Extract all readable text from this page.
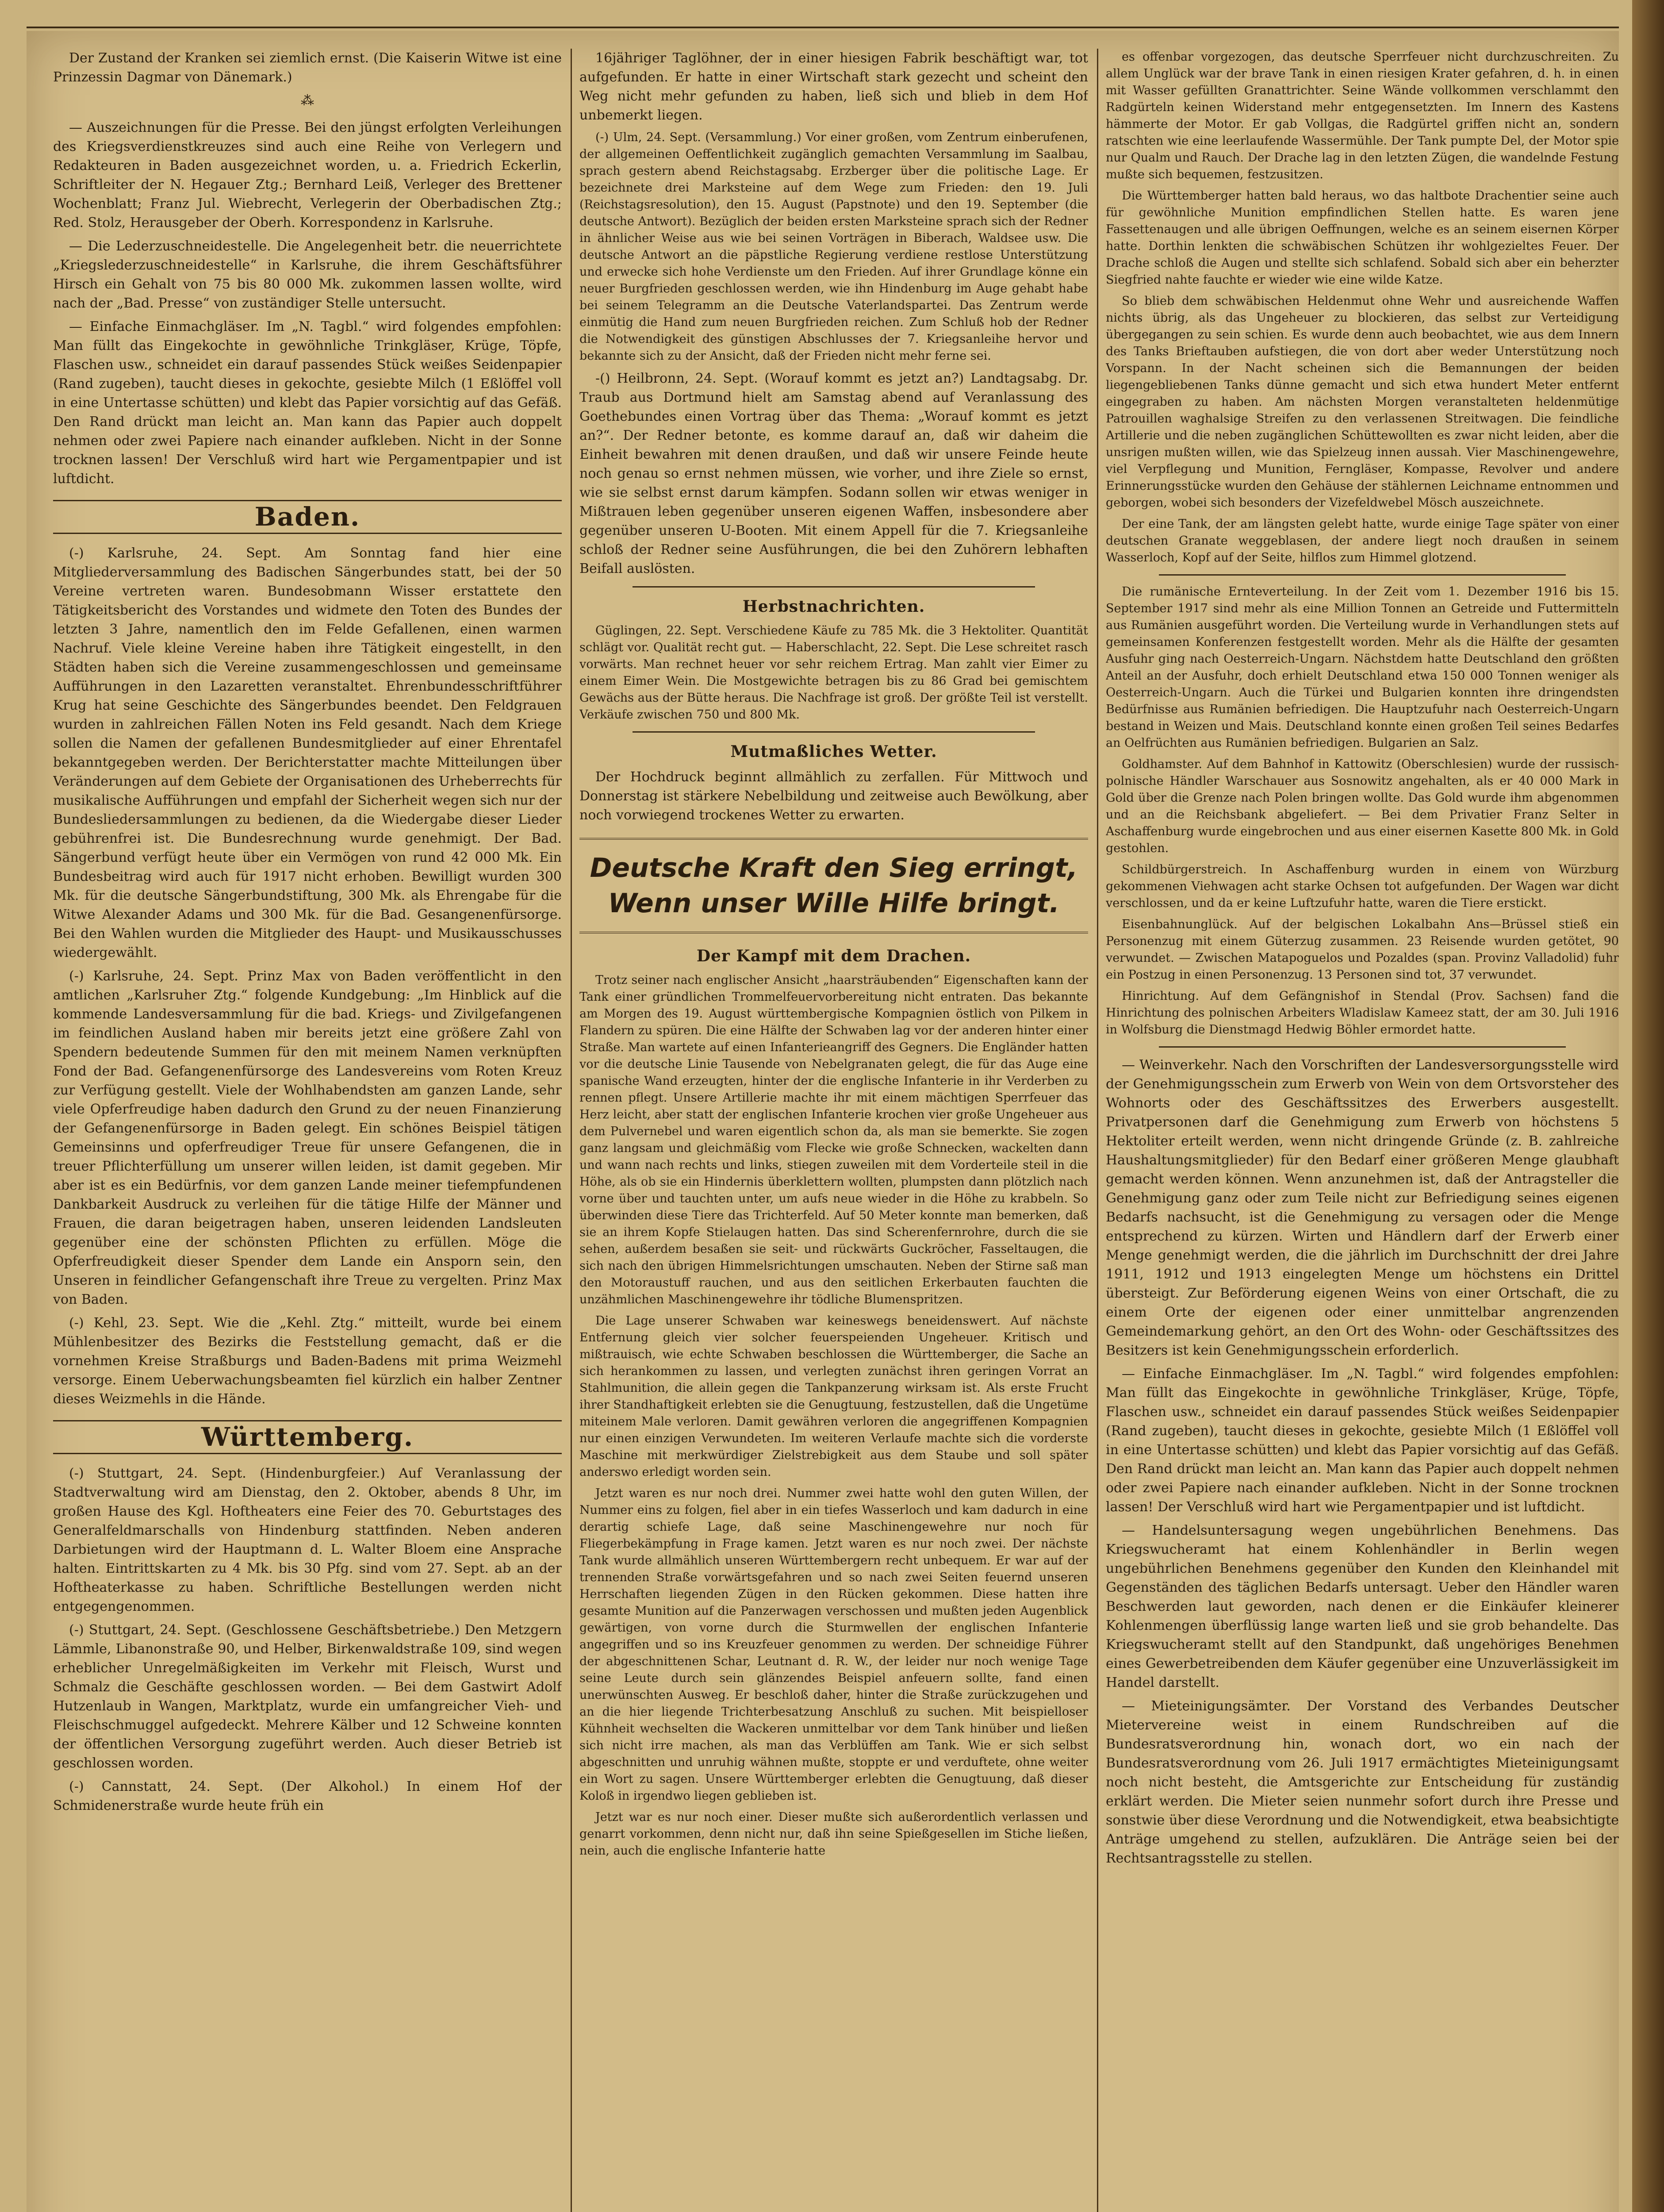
Der Zustand der Kranken sei ziemlich ernst. (Die Kaiserin Witwe ist eine Prinzessin Dagmar von Dänemark.)

⁂

— Auszeichnungen für die Presse. Bei den jüngst erfolgten Verleihungen des Kriegsverdienstkreuzes sind auch eine Reihe von Verlegern und Redakteuren in Baden ausgezeichnet worden, u. a. Friedrich Eckerlin, Schriftleiter der N. Hegauer Ztg.; Bernhard Leiß, Verleger des Brettener Wochenblatt; Franz Jul. Wiebrecht, Verlegerin der Oberbadischen Ztg.; Red. Stolz, Herausgeber der Oberh. Korrespondenz in Karlsruhe.

— Die Lederzuschneidestelle. Die Angelegenheit betr. die neuerrichtete „Kriegslederzuschneidestelle“ in Karlsruhe, die ihrem Geschäftsführer Hirsch ein Gehalt von 75 bis 80 000 Mk. zukommen lassen wollte, wird nach der „Bad. Presse“ von zuständiger Stelle untersucht.

— Einfache Einmachgläser. Im „N. Tagbl.“ wird folgendes empfohlen: Man füllt das Eingekochte in gewöhnliche Trinkgläser, Krüge, Töpfe, Flaschen usw., schneidet ein darauf passendes Stück weißes Seidenpapier (Rand zugeben), taucht dieses in gekochte, gesiebte Milch (1 Eßlöffel voll in eine Untertasse schütten) und klebt das Papier vorsichtig auf das Gefäß. Den Rand drückt man leicht an. Man kann das Papier auch doppelt nehmen oder zwei Papiere nach einander aufkleben. Nicht in der Sonne trocknen lassen! Der Verschluß wird hart wie Pergamentpapier und ist luftdicht.

Baden.

(-) Karlsruhe, 24. Sept. Am Sonntag fand hier eine Mitgliederversammlung des Badischen Sängerbundes statt, bei der 50 Vereine vertreten waren. Bundesobmann Wisser erstattete den Tätigkeitsbericht des Vorstandes und widmete den Toten des Bundes der letzten 3 Jahre, namentlich den im Felde Gefallenen, einen warmen Nachruf. Viele kleine Vereine haben ihre Tätigkeit eingestellt, in den Städten haben sich die Vereine zusammengeschlossen und gemeinsame Aufführungen in den Lazaretten veranstaltet. Ehrenbundesschriftführer Krug hat seine Geschichte des Sängerbundes beendet. Den Feldgrauen wurden in zahlreichen Fällen Noten ins Feld gesandt. Nach dem Kriege sollen die Namen der gefallenen Bundesmitglieder auf einer Ehrentafel bekanntgegeben werden. Der Berichterstatter machte Mitteilungen über Veränderungen auf dem Gebiete der Organisationen des Urheberrechts für musikalische Aufführungen und empfahl der Sicherheit wegen sich nur der Bundesliedersammlungen zu bedienen, da die Wiedergabe dieser Lieder gebührenfrei ist. Die Bundesrechnung wurde genehmigt. Der Bad. Sängerbund verfügt heute über ein Vermögen von rund 42 000 Mk. Ein Bundesbeitrag wird auch für 1917 nicht erhoben. Bewilligt wurden 300 Mk. für die deutsche Sängerbundstiftung, 300 Mk. als Ehrengabe für die Witwe Alexander Adams und 300 Mk. für die Bad. Gesangenenfürsorge. Bei den Wahlen wurden die Mitglieder des Haupt- und Musikausschusses wiedergewählt.

(-) Karlsruhe, 24. Sept. Prinz Max von Baden veröffentlicht in den amtlichen „Karlsruher Ztg.“ folgende Kundgebung: „Im Hinblick auf die kommende Landesversammlung für die bad. Kriegs- und Zivilgefangenen im feindlichen Ausland haben mir bereits jetzt eine größere Zahl von Spendern bedeutende Summen für den mit meinem Namen verknüpften Fond der Bad. Gefangenenfürsorge des Landesvereins vom Roten Kreuz zur Verfügung gestellt. Viele der Wohlhabendsten am ganzen Lande, sehr viele Opferfreudige haben dadurch den Grund zu der neuen Finanzierung der Gefangenenfürsorge in Baden gelegt. Ein schönes Beispiel tätigen Gemeinsinns und opferfreudiger Treue für unsere Gefangenen, die in treuer Pflichterfüllung um unserer willen leiden, ist damit gegeben. Mir aber ist es ein Bedürfnis, vor dem ganzen Lande meiner tiefempfundenen Dankbarkeit Ausdruck zu verleihen für die tätige Hilfe der Männer und Frauen, die daran beigetragen haben, unseren leidenden Landsleuten gegenüber eine der schönsten Pflichten zu erfüllen. Möge die Opferfreudigkeit dieser Spender dem Lande ein Ansporn sein, den Unseren in feindlicher Gefangenschaft ihre Treue zu vergelten. Prinz Max von Baden.

(-) Kehl, 23. Sept. Wie die „Kehl. Ztg.“ mitteilt, wurde bei einem Mühlenbesitzer des Bezirks die Feststellung gemacht, daß er die vornehmen Kreise Straßburgs und Baden-Badens mit prima Weizmehl versorge. Einem Ueberwachungsbeamten fiel kürzlich ein halber Zentner dieses Weizmehls in die Hände.

Württemberg.

(-) Stuttgart, 24. Sept. (Hindenburgfeier.) Auf Veranlassung der Stadtverwaltung wird am Dienstag, den 2. Oktober, abends 8 Uhr, im großen Hause des Kgl. Hoftheaters eine Feier des 70. Geburtstages des Generalfeldmarschalls von Hindenburg stattfinden. Neben anderen Darbietungen wird der Hauptmann d. L. Walter Bloem eine Ansprache halten. Eintrittskarten zu 4 Mk. bis 30 Pfg. sind vom 27. Sept. ab an der Hoftheaterkasse zu haben. Schriftliche Bestellungen werden nicht entgegengenommen.

(-) Stuttgart, 24. Sept. (Geschlossene Geschäftsbetriebe.) Den Metzgern Lämmle, Libanonstraße 90, und Helber, Birkenwaldstraße 109, sind wegen erheblicher Unregelmäßigkeiten im Verkehr mit Fleisch, Wurst und Schmalz die Geschäfte geschlossen worden. — Bei dem Gastwirt Adolf Hutzenlaub in Wangen, Marktplatz, wurde ein umfangreicher Vieh- und Fleischschmuggel aufgedeckt. Mehrere Kälber und 12 Schweine konnten der öffentlichen Versorgung zugeführt werden. Auch dieser Betrieb ist geschlossen worden.

(-) Cannstatt, 24. Sept. (Der Alkohol.) In einem Hof der Schmidenerstraße wurde heute früh ein

16jähriger Taglöhner, der in einer hiesigen Fabrik beschäftigt war, tot aufgefunden. Er hatte in einer Wirtschaft stark gezecht und scheint den Weg nicht mehr gefunden zu haben, ließ sich und blieb in dem Hof unbemerkt liegen.

(-) Ulm, 24. Sept. (Versammlung.) Vor einer großen, vom Zentrum einberufenen, der allgemeinen Oeffentlichkeit zugänglich gemachten Versammlung im Saalbau, sprach gestern abend Reichstagsabg. Erzberger über die politische Lage. Er bezeichnete drei Marksteine auf dem Wege zum Frieden: den 19. Juli (Reichstagsresolution), den 15. August (Papstnote) und den 19. September (die deutsche Antwort). Bezüglich der beiden ersten Marksteine sprach sich der Redner in ähnlicher Weise aus wie bei seinen Vorträgen in Biberach, Waldsee usw. Die deutsche Antwort an die päpstliche Regierung verdiene restlose Unterstützung und erwecke sich hohe Verdienste um den Frieden. Auf ihrer Grundlage könne ein neuer Burgfrieden geschlossen werden, wie ihn Hindenburg im Auge gehabt habe bei seinem Telegramm an die Deutsche Vaterlandspartei. Das Zentrum werde einmütig die Hand zum neuen Burgfrieden reichen. Zum Schluß hob der Redner die Notwendigkeit des günstigen Abschlusses der 7. Kriegsanleihe hervor und bekannte sich zu der Ansicht, daß der Frieden nicht mehr ferne sei.

-() Heilbronn, 24. Sept. (Worauf kommt es jetzt an?) Landtagsabg. Dr. Traub aus Dortmund hielt am Samstag abend auf Veranlassung des Goethebundes einen Vortrag über das Thema: „Worauf kommt es jetzt an?“. Der Redner betonte, es komme darauf an, daß wir daheim die Einheit bewahren mit denen draußen, und daß wir unsere Feinde heute noch genau so ernst nehmen müssen, wie vorher, und ihre Ziele so ernst, wie sie selbst ernst darum kämpfen. Sodann sollen wir etwas weniger in Mißtrauen leben gegenüber unseren eigenen Waffen, insbesondere aber gegenüber unseren U-Booten. Mit einem Appell für die 7. Kriegsanleihe schloß der Redner seine Ausführungen, die bei den Zuhörern lebhaften Beifall auslösten.

Herbstnachrichten.

Güglingen, 22. Sept. Verschiedene Käufe zu 785 Mk. die 3 Hektoliter. Quantität schlägt vor. Qualität recht gut. — Haberschlacht, 22. Sept. Die Lese schreitet rasch vorwärts. Man rechnet heuer vor sehr reichem Ertrag. Man zahlt vier Eimer zu einem Eimer Wein. Die Mostgewichte betragen bis zu 86 Grad bei gemischtem Gewächs aus der Bütte heraus. Die Nachfrage ist groß. Der größte Teil ist verstellt. Verkäufe zwischen 750 und 800 Mk.

Mutmaßliches Wetter.

Der Hochdruck beginnt allmählich zu zerfallen. Für Mittwoch und Donnerstag ist stärkere Nebelbildung und zeitweise auch Bewölkung, aber noch vorwiegend trockenes Wetter zu erwarten.

Deutsche Kraft den Sieg erringt,
Wenn unser Wille Hilfe bringt.
Der Kampf mit dem Drachen.

Trotz seiner nach englischer Ansicht „haarsträubenden“ Eigenschaften kann der Tank einer gründlichen Trommelfeuervorbereitung nicht entraten. Das bekannte am Morgen des 19. August württembergische Kompagnien östlich von Pilkem in Flandern zu spüren. Die eine Hälfte der Schwaben lag vor der anderen hinter einer Straße. Man wartete auf einen Infanterieangriff des Gegners. Die Engländer hatten vor die deutsche Linie Tausende von Nebelgranaten gelegt, die für das Auge eine spanische Wand erzeugten, hinter der die englische Infanterie in ihr Verderben zu rennen pflegt. Unsere Artillerie machte ihr mit einem mächtigen Sperrfeuer das Herz leicht, aber statt der englischen Infanterie krochen vier große Ungeheuer aus dem Pulvernebel und waren eigentlich schon da, als man sie bemerkte. Sie zogen ganz langsam und gleichmäßig vom Flecke wie große Schnecken, wackelten dann und wann nach rechts und links, stiegen zuweilen mit dem Vorderteile steil in die Höhe, als ob sie ein Hindernis überklettern wollten, plumpsten dann plötzlich nach vorne über und tauchten unter, um aufs neue wieder in die Höhe zu krabbeln. So überwinden diese Tiere das Trichterfeld. Auf 50 Meter konnte man bemerken, daß sie an ihrem Kopfe Stielaugen hatten. Das sind Scherenfernrohre, durch die sie sehen, außerdem besaßen sie seit- und rückwärts Guckröcher, Fasseltaugen, die sich nach den übrigen Himmelsrichtungen umschauten. Neben der Stirne saß man den Motoraustuff rauchen, und aus den seitlichen Erkerbauten fauchten die unzähmlichen Maschinengewehre ihr tödliche Blumenspritzen.

Die Lage unserer Schwaben war keineswegs beneidenswert. Auf nächste Entfernung gleich vier solcher feuerspeienden Ungeheuer. Kritisch und mißtrauisch, wie echte Schwaben beschlossen die Württemberger, die Sache an sich herankommen zu lassen, und verlegten zunächst ihren geringen Vorrat an Stahlmunition, die allein gegen die Tankpanzerung wirksam ist. Als erste Frucht ihrer Standhaftigkeit erlebten sie die Genugtuung, festzustellen, daß die Ungetüme miteinem Male verloren. Damit gewähren verloren die angegriffenen Kompagnien nur einen einzigen Verwundeten. Im weiteren Verlaufe machte sich die vorderste Maschine mit merkwürdiger Zielstrebigkeit aus dem Staube und soll später anderswo erledigt worden sein.

Jetzt waren es nur noch drei. Nummer zwei hatte wohl den guten Willen, der Nummer eins zu folgen, fiel aber in ein tiefes Wasserloch und kam dadurch in eine derartig schiefe Lage, daß seine Maschinengewehre nur noch für Fliegerbekämpfung in Frage kamen. Jetzt waren es nur noch zwei. Der nächste Tank wurde allmählich unseren Württembergern recht unbequem. Er war auf der trennenden Straße vorwärtsgefahren und so nach zwei Seiten feuernd unseren Herrschaften liegenden Zügen in den Rücken gekommen. Diese hatten ihre gesamte Munition auf die Panzerwagen verschossen und mußten jeden Augenblick gewärtigen, von vorne durch die Sturmwellen der englischen Infanterie angegriffen und so ins Kreuzfeuer genommen zu werden. Der schneidige Führer der abgeschnittenen Schar, Leutnant d. R. W., der leider nur noch wenige Tage seine Leute durch sein glänzendes Beispiel anfeuern sollte, fand einen unerwünschten Ausweg. Er beschloß daher, hinter die Straße zurückzugehen und an die hier liegende Trichterbesatzung Anschluß zu suchen. Mit beispielloser Kühnheit wechselten die Wackeren unmittelbar vor dem Tank hinüber und ließen sich nicht irre machen, als man das Verblüffen am Tank. Wie er sich selbst abgeschnitten und unruhig wähnen mußte, stoppte er und verduftete, ohne weiter ein Wort zu sagen. Unsere Württemberger erlebten die Genugtuung, daß dieser Koloß in irgendwo liegen geblieben ist.

Jetzt war es nur noch einer. Dieser mußte sich außerordentlich verlassen und genarrt vorkommen, denn nicht nur, daß ihn seine Spießgesellen im Stiche ließen, nein, auch die englische Infanterie hatte

es offenbar vorgezogen, das deutsche Sperrfeuer nicht durchzuschreiten. Zu allem Unglück war der brave Tank in einen riesigen Krater gefahren, d. h. in einen mit Wasser gefüllten Granattrichter. Seine Wände vollkommen verschlammt den Radgürteln keinen Widerstand mehr entgegensetzten. Im Innern des Kastens hämmerte der Motor. Er gab Vollgas, die Radgürtel griffen nicht an, sondern ratschten wie eine leerlaufende Wassermühle. Der Tank pumpte Del, der Motor spie nur Qualm und Rauch. Der Drache lag in den letzten Zügen, die wandelnde Festung mußte sich bequemen, festzusitzen.

Die Württemberger hatten bald heraus, wo das haltbote Drachentier seine auch für gewöhnliche Munition empfindlichen Stellen hatte. Es waren jene Fassettenaugen und alle übrigen Oeffnungen, welche es an seinem eisernen Körper hatte. Dorthin lenkten die schwäbischen Schützen ihr wohlgezieltes Feuer. Der Drache schloß die Augen und stellte sich schlafend. Sobald sich aber ein beherzter Siegfried nahte fauchte er wieder wie eine wilde Katze.

So blieb dem schwäbischen Heldenmut ohne Wehr und ausreichende Waffen nichts übrig, als das Ungeheuer zu blockieren, das selbst zur Verteidigung übergegangen zu sein schien. Es wurde denn auch beobachtet, wie aus dem Innern des Tanks Brieftauben aufstiegen, die von dort aber weder Unterstützung noch Vorspann. In der Nacht scheinen sich die Bemannungen der beiden liegengebliebenen Tanks dünne gemacht und sich etwa hundert Meter entfernt eingegraben zu haben. Am nächsten Morgen veranstalteten heldenmütige Patrouillen waghalsige Streifen zu den verlassenen Streitwagen. Die feindliche Artillerie und die neben zugänglichen Schüttewollten es zwar nicht leiden, aber die unsrigen mußten willen, wie das Spielzeug innen aussah. Vier Maschinengewehre, viel Verpflegung und Munition, Ferngläser, Kompasse, Revolver und andere Erinnerungsstücke wurden den Gehäuse der stählernen Leichname entnommen und geborgen, wobei sich besonders der Vizefeldwebel Mösch auszeichnete.

Der eine Tank, der am längsten gelebt hatte, wurde einige Tage später von einer deutschen Granate weggeblasen, der andere liegt noch draußen in seinem Wasserloch, Kopf auf der Seite, hilflos zum Himmel glotzend.

Die rumänische Ernteverteilung. In der Zeit vom 1. Dezember 1916 bis 15. September 1917 sind mehr als eine Million Tonnen an Getreide und Futtermitteln aus Rumänien ausgeführt worden. Die Verteilung wurde in Verhandlungen stets auf gemeinsamen Konferenzen festgestellt worden. Mehr als die Hälfte der gesamten Ausfuhr ging nach Oesterreich-Ungarn. Nächstdem hatte Deutschland den größten Anteil an der Ausfuhr, doch erhielt Deutschland etwa 150 000 Tonnen weniger als Oesterreich-Ungarn. Auch die Türkei und Bulgarien konnten ihre dringendsten Bedürfnisse aus Rumänien befriedigen. Die Hauptzufuhr nach Oesterreich-Ungarn bestand in Weizen und Mais. Deutschland konnte einen großen Teil seines Bedarfes an Oelfrüchten aus Rumänien befriedigen. Bulgarien an Salz.

Goldhamster. Auf dem Bahnhof in Kattowitz (Oberschlesien) wurde der russisch-polnische Händler Warschauer aus Sosnowitz angehalten, als er 40 000 Mark in Gold über die Grenze nach Polen bringen wollte. Das Gold wurde ihm abgenommen und an die Reichsbank abgeliefert. — Bei dem Privatier Franz Selter in Aschaffenburg wurde eingebrochen und aus einer eisernen Kasette 800 Mk. in Gold gestohlen.

Schildbürgerstreich. In Aschaffenburg wurden in einem von Würzburg gekommenen Viehwagen acht starke Ochsen tot aufgefunden. Der Wagen war dicht verschlossen, und da er keine Luftzufuhr hatte, waren die Tiere erstickt.

Eisenbahnunglück. Auf der belgischen Lokalbahn Ans—Brüssel stieß ein Personenzug mit einem Güterzug zusammen. 23 Reisende wurden getötet, 90 verwundet. — Zwischen Matapoguelos und Pozaldes (span. Provinz Valladolid) fuhr ein Postzug in einen Personenzug. 13 Personen sind tot, 37 verwundet.

Hinrichtung. Auf dem Gefängnishof in Stendal (Prov. Sachsen) fand die Hinrichtung des polnischen Arbeiters Wladislaw Kameez statt, der am 30. Juli 1916 in Wolfsburg die Dienstmagd Hedwig Böhler ermordet hatte.

— Weinverkehr. Nach den Vorschriften der Landesversorgungsstelle wird der Genehmigungsschein zum Erwerb von Wein von dem Ortsvorsteher des Wohnorts oder des Geschäftssitzes des Erwerbers ausgestellt. Privatpersonen darf die Genehmigung zum Erwerb von höchstens 5 Hektoliter erteilt werden, wenn nicht dringende Gründe (z. B. zahlreiche Haushaltungsmitglieder) für den Bedarf einer größeren Menge glaubhaft gemacht werden können. Wenn anzunehmen ist, daß der Antragsteller die Genehmigung ganz oder zum Teile nicht zur Befriedigung seines eigenen Bedarfs nachsucht, ist die Genehmigung zu versagen oder die Menge entsprechend zu kürzen. Wirten und Händlern darf der Erwerb einer Menge genehmigt werden, die die jährlich im Durchschnitt der drei Jahre 1911, 1912 und 1913 eingelegten Menge um höchstens ein Drittel übersteigt. Zur Beförderung eigenen Weins von einer Ortschaft, die zu einem Orte der eigenen oder einer unmittelbar angrenzenden Gemeindemarkung gehört, an den Ort des Wohn- oder Geschäftssitzes des Besitzers ist kein Genehmigungsschein erforderlich.

— Einfache Einmachgläser. Im „N. Tagbl.“ wird folgendes empfohlen: Man füllt das Eingekochte in gewöhnliche Trinkgläser, Krüge, Töpfe, Flaschen usw., schneidet ein darauf passendes Stück weißes Seidenpapier (Rand zugeben), taucht dieses in gekochte, gesiebte Milch (1 Eßlöffel voll in eine Untertasse schütten) und klebt das Papier vorsichtig auf das Gefäß. Den Rand drückt man leicht an. Man kann das Papier auch doppelt nehmen oder zwei Papiere nach einander aufkleben. Nicht in der Sonne trocknen lassen! Der Verschluß wird hart wie Pergamentpapier und ist luftdicht.

— Handelsuntersagung wegen ungebührlichen Benehmens. Das Kriegswucheramt hat einem Kohlenhändler in Berlin wegen ungebührlichen Benehmens gegenüber den Kunden den Kleinhandel mit Gegenständen des täglichen Bedarfs untersagt. Ueber den Händler waren Beschwerden laut geworden, nach denen er die Einkäufer kleinerer Kohlenmengen überflüssig lange warten ließ und sie grob behandelte. Das Kriegswucheramt stellt auf den Standpunkt, daß ungehöriges Benehmen eines Gewerbetreibenden dem Käufer gegenüber eine Unzuverlässigkeit im Handel darstellt.

— Mieteinigungsämter. Der Vorstand des Verbandes Deutscher Mietervereine weist in einem Rundschreiben auf die Bundesratsverordnung hin, wonach dort, wo ein nach der Bundesratsverordnung vom 26. Juli 1917 ermächtigtes Mieteinigungsamt noch nicht besteht, die Amtsgerichte zur Entscheidung für zuständig erklärt werden. Die Mieter seien nunmehr sofort durch ihre Presse und sonstwie über diese Verordnung und die Notwendigkeit, etwa beabsichtigte Anträge umgehend zu stellen, aufzuklären. Die Anträge seien bei der Rechtsantragsstelle zu stellen.
